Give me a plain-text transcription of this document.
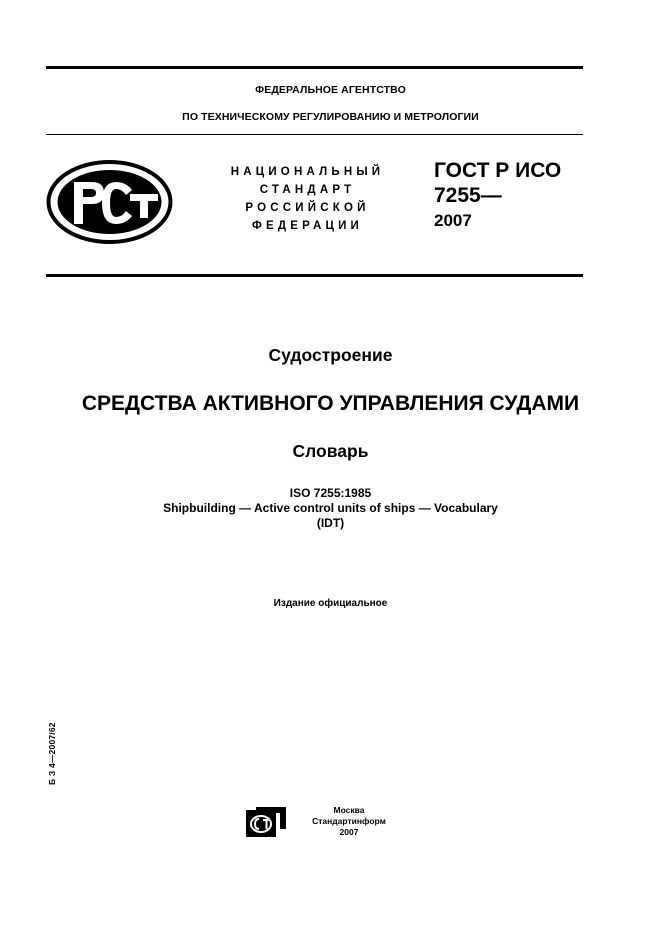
ФЕДЕРАЛЬНОЕ АГЕНТСТВО
ПО ТЕХНИЧЕСКОМУ РЕГУЛИРОВАНИЮ И МЕТРОЛОГИИ
НАЦИОНАЛЬНЫЙ
СТАНДАРТ
РОССИЙСКОЙ
ФЕДЕРАЦИИ
ГОСТ Р ИСО
7255—
2007
Судостроение
СРЕДСТВА АКТИВНОГО УПРАВЛЕНИЯ СУДАМИ
Словарь
ISO 7255:1985
Shipbuilding — Active control units of ships — Vocabulary
(IDT)
Издание официальное
Б З 4—2007/62
Москва
Стандартинформ
2007
